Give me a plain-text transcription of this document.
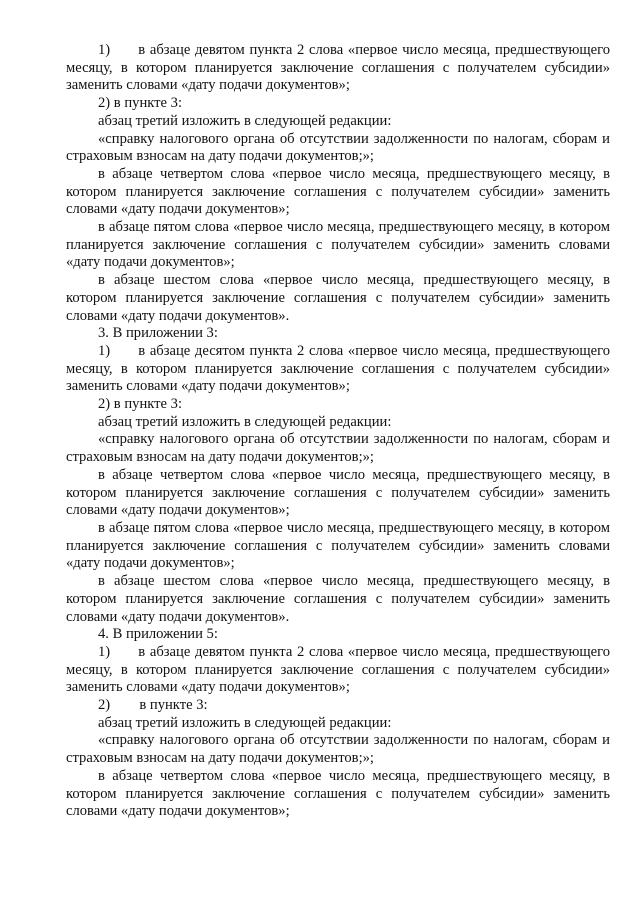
1)      в абзаце девятом пункта 2 слова «первое число месяца, предшествующего месяцу, в котором планируется заключение соглашения с получателем субсидии» заменить словами «дату подачи документов»;

2) в пункте 3:

абзац третий изложить в следующей редакции:

«справку налогового органа об отсутствии задолженности по налогам, сборам и страховым взносам на дату подачи документов;»;

в абзаце четвертом слова «первое число месяца, предшествующего месяцу, в котором планируется заключение соглашения с получателем субсидии» заменить словами «дату подачи документов»;

в абзаце пятом слова «первое число месяца, предшествующего месяцу, в котором планируется заключение соглашения с получателем субсидии» заменить словами «дату подачи документов»;

в абзаце шестом слова «первое число месяца, предшествующего месяцу, в котором планируется заключение соглашения с получателем субсидии» заменить словами «дату подачи документов».

3. В приложении 3:

1)      в абзаце десятом пункта 2 слова «первое число месяца, предшествующего месяцу, в котором планируется заключение соглашения с получателем субсидии» заменить словами «дату подачи документов»;

2) в пункте 3:

абзац третий изложить в следующей редакции:

«справку налогового органа об отсутствии задолженности по налогам, сборам и страховым взносам на дату подачи документов;»;

в абзаце четвертом слова «первое число месяца, предшествующего месяцу, в котором планируется заключение соглашения с получателем субсидии» заменить словами «дату подачи документов»;

в абзаце пятом слова «первое число месяца, предшествующего месяцу, в котором планируется заключение соглашения с получателем субсидии» заменить словами «дату подачи документов»;

в абзаце шестом слова «первое число месяца, предшествующего месяцу, в котором планируется заключение соглашения с получателем субсидии» заменить словами «дату подачи документов».

4. В приложении 5:

1)      в абзаце девятом пункта 2 слова «первое число месяца, предшествующего месяцу, в котором планируется заключение соглашения с получателем субсидии» заменить словами «дату подачи документов»;

2)        в пункте 3:

абзац третий изложить в следующей редакции:

«справку налогового органа об отсутствии задолженности по налогам, сборам и страховым взносам на дату подачи документов;»;

в абзаце четвертом слова «первое число месяца, предшествующего месяцу, в котором планируется заключение соглашения с получателем субсидии» заменить словами «дату подачи документов»;
